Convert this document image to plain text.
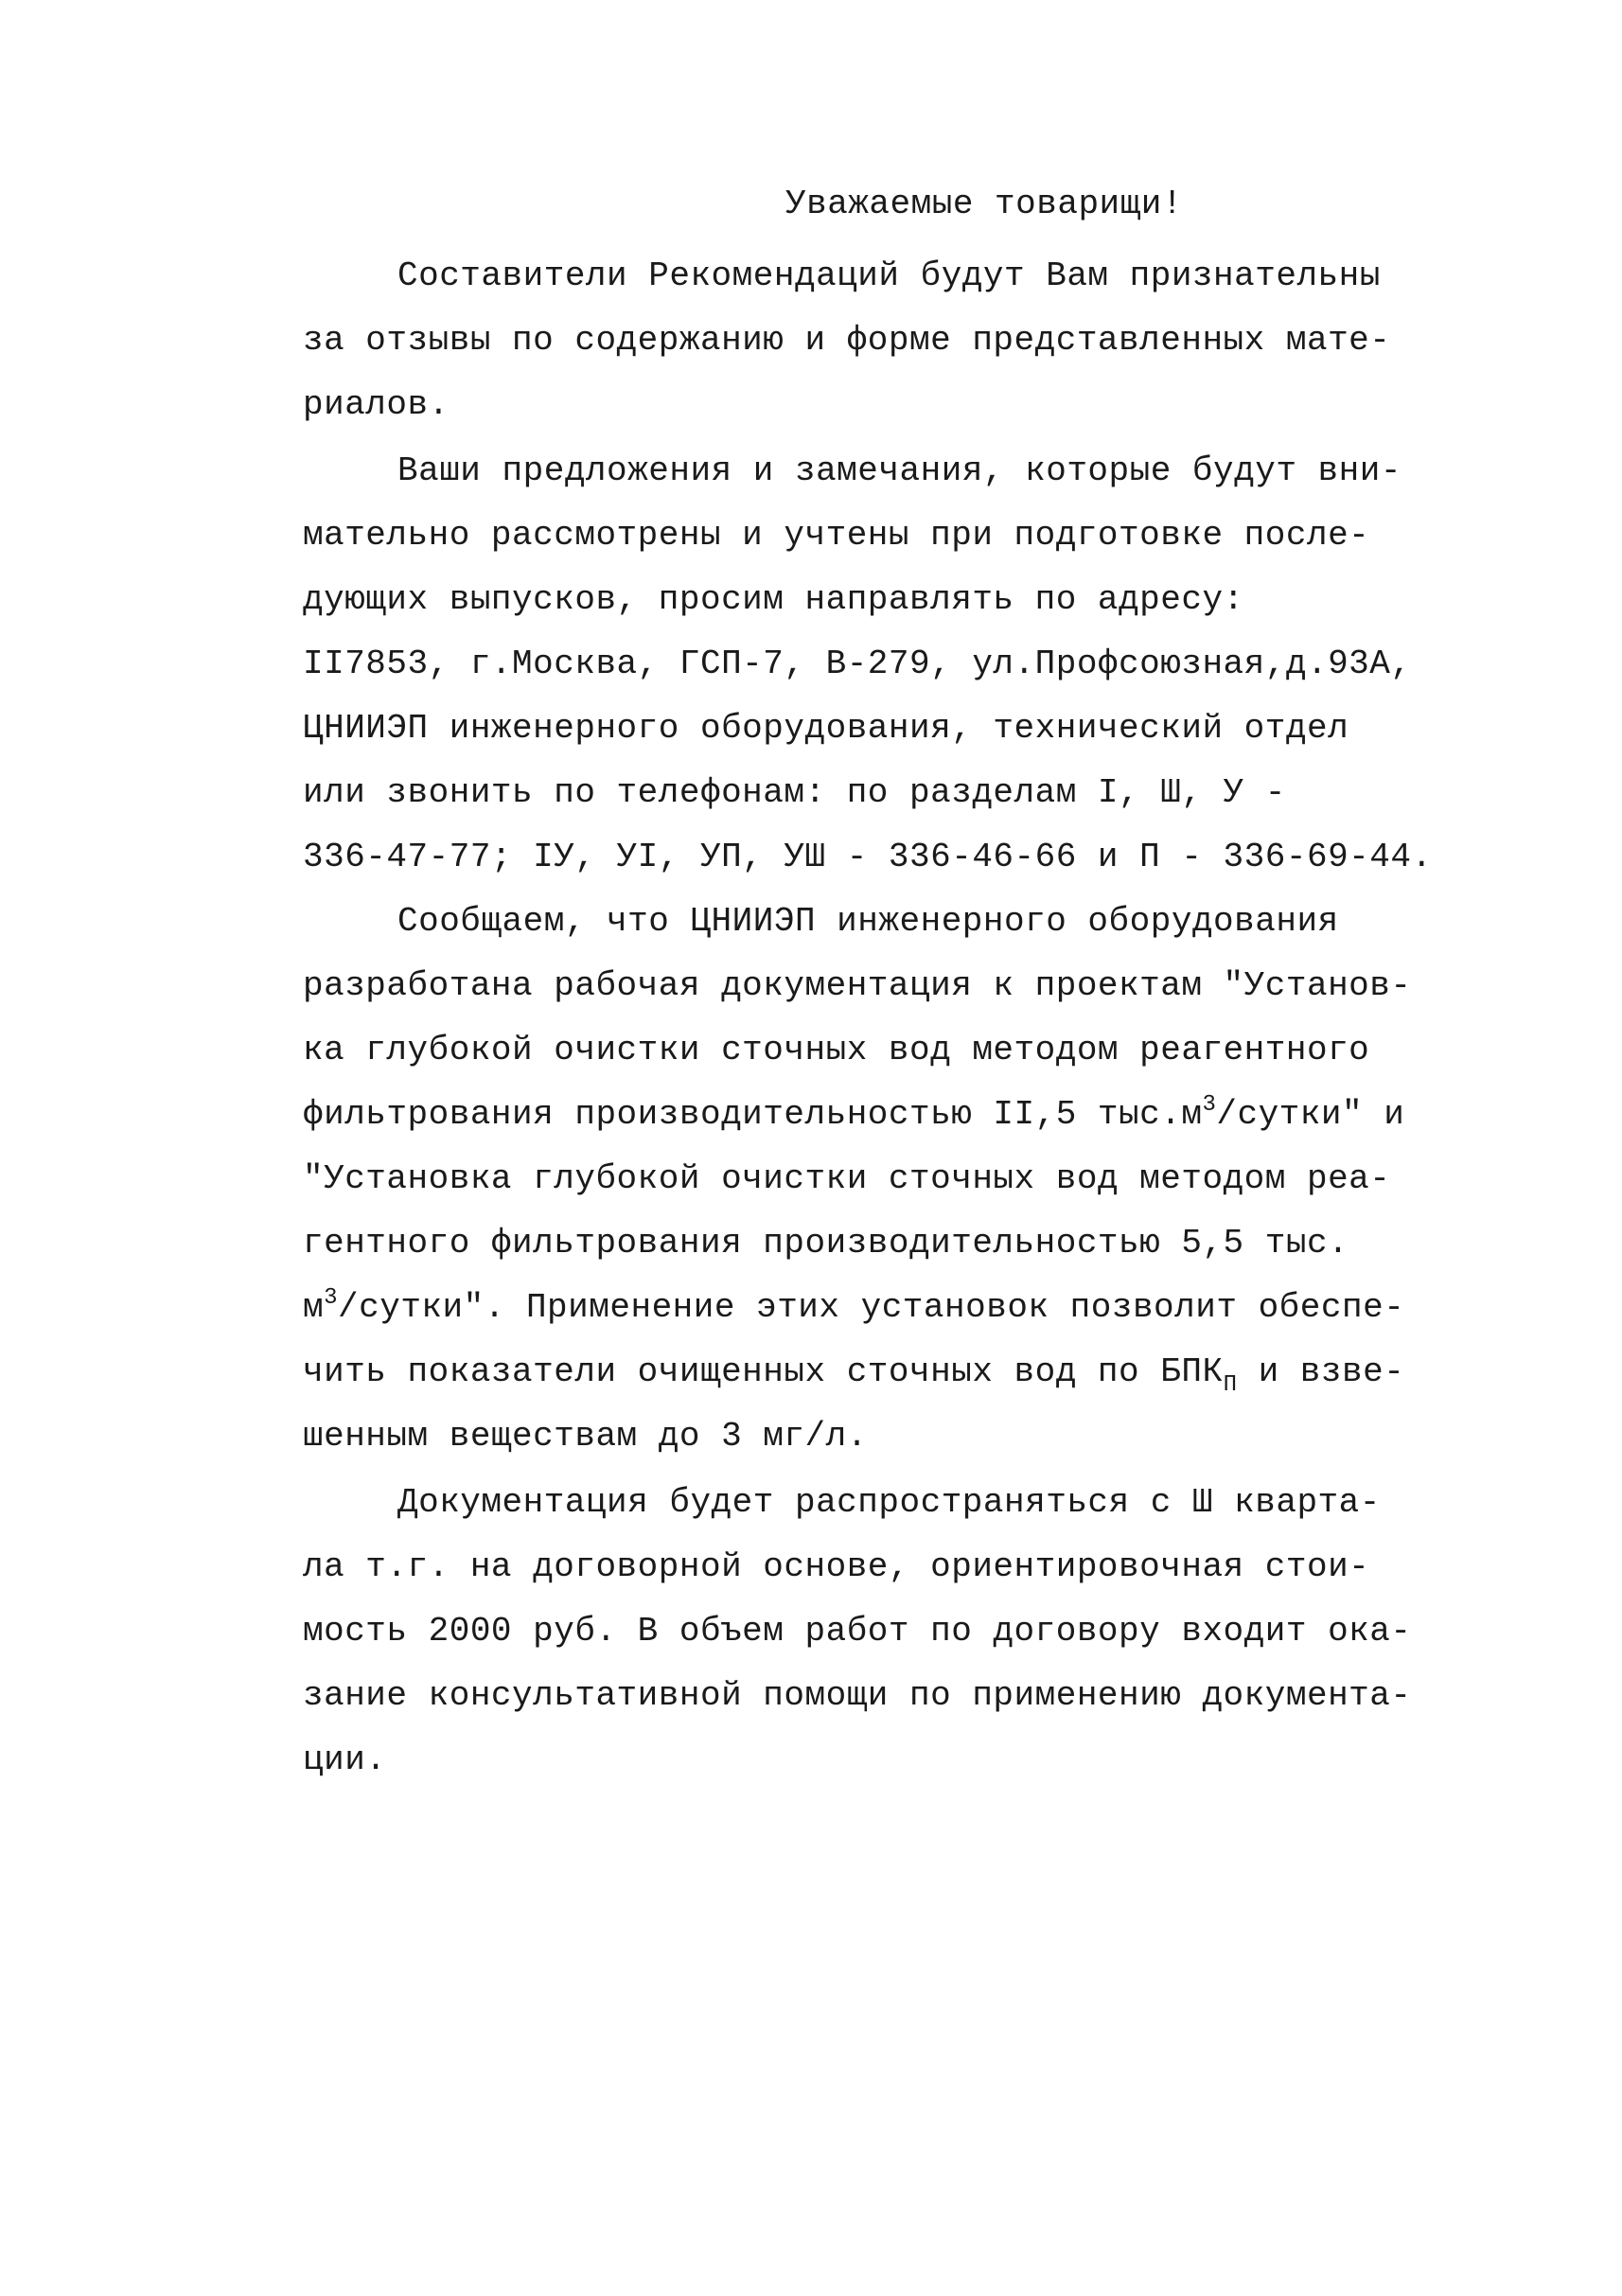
Уважаемые товарищи!

Составители Рекомендаций будут Вам признательны

за отзывы по содержанию и форме представленных мате-

риалов.

Ваши предложения и замечания, которые будут вни-

мательно рассмотрены и учтены при подготовке после-

дующих выпусков, просим направлять по адресу:

II7853, г.Москва, ГСП-7, В-279, ул.Профсоюзная,д.93А,

ЦНИИЭП инженерного оборудования, технический отдел

или звонить по телефонам: по разделам I, Ш, У -

336-47-77; IУ, УI, УП, УШ - 336-46-66 и П - 336-69-44.

Сообщаем, что ЦНИИЭП инженерного оборудования

разработана рабочая документация к проектам "Установ-

ка глубокой очистки сточных вод методом реагентного

фильтрования производительностью II,5 $тыс.м^3$/сутки" и

"Установка глубокой очистки сточных вод методом реа-

гентного фильтрования производительностью 5,5 тыс.

$м^3$/сутки". Применение этих установок позволит обеспе-

чить показатели очищенных сточных вод по $БПК_П$ и взве-

шенным веществам до 3 мг/л.

Документация будет распространяться с Ш кварта-

ла т.г. на договорной основе, ориентировочная стои-

мость 2000 руб. В объем работ по договору входит ока-

зание консультативной помощи по применению документа-

ции.
